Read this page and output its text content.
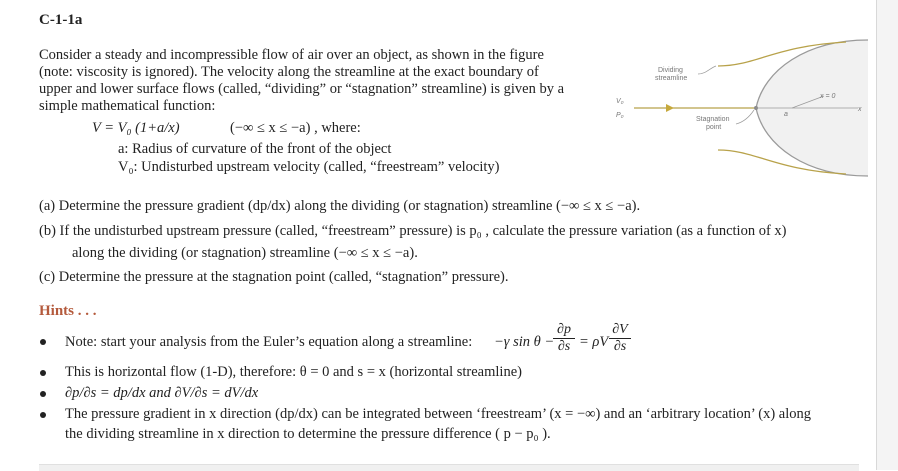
C-1-1a
Consider a steady and incompressible flow of air over an object, as shown in the figure
(note: viscosity is ignored). The velocity along the streamline at the exact boundary of
upper and lower surface flows (called, “dividing” or “stagnation” streamline) is given by a
simple mathematical function:
V = V₀ (1+a/x)	(−∞ ≤ x ≤ −a) , where:
a: Radius of curvature of the front of the object
V₀: Undisturbed upstream velocity (called, “freestream” velocity)
Dividing
streamline
Stagnation
point
V₀
P₀
x = 0
a
x
(a) Determine the pressure gradient (dp/dx) along the dividing (or stagnation) streamline (−∞ ≤ x ≤ −a).
(b) If the undisturbed upstream pressure (called, “freestream” pressure) is p₀ , calculate the pressure variation (as a function of x)
along the dividing (or stagnation) streamline (−∞ ≤ x ≤ −a).
(c) Determine the pressure at the stagnation point (called, “stagnation” pressure).
Hints . . .
Note: start your analysis from the Euler’s equation along a streamline: −γ sin θ −
$\frac{\partial p}{\partial s} = \rho V \frac{\partial V}{\partial s}$
This is horizontal flow (1-D), therefore: θ = 0 and s = x (horizontal streamline)
∂p/∂s = dp/dx and ∂V/∂s = dV/dx
The pressure gradient in x direction (dp/dx) can be integrated between ‘freestream’ (x = −∞) and an ‘arbitrary location’ (x) along
the dividing streamline in x direction to determine the pressure difference ( p − p₀ ).
